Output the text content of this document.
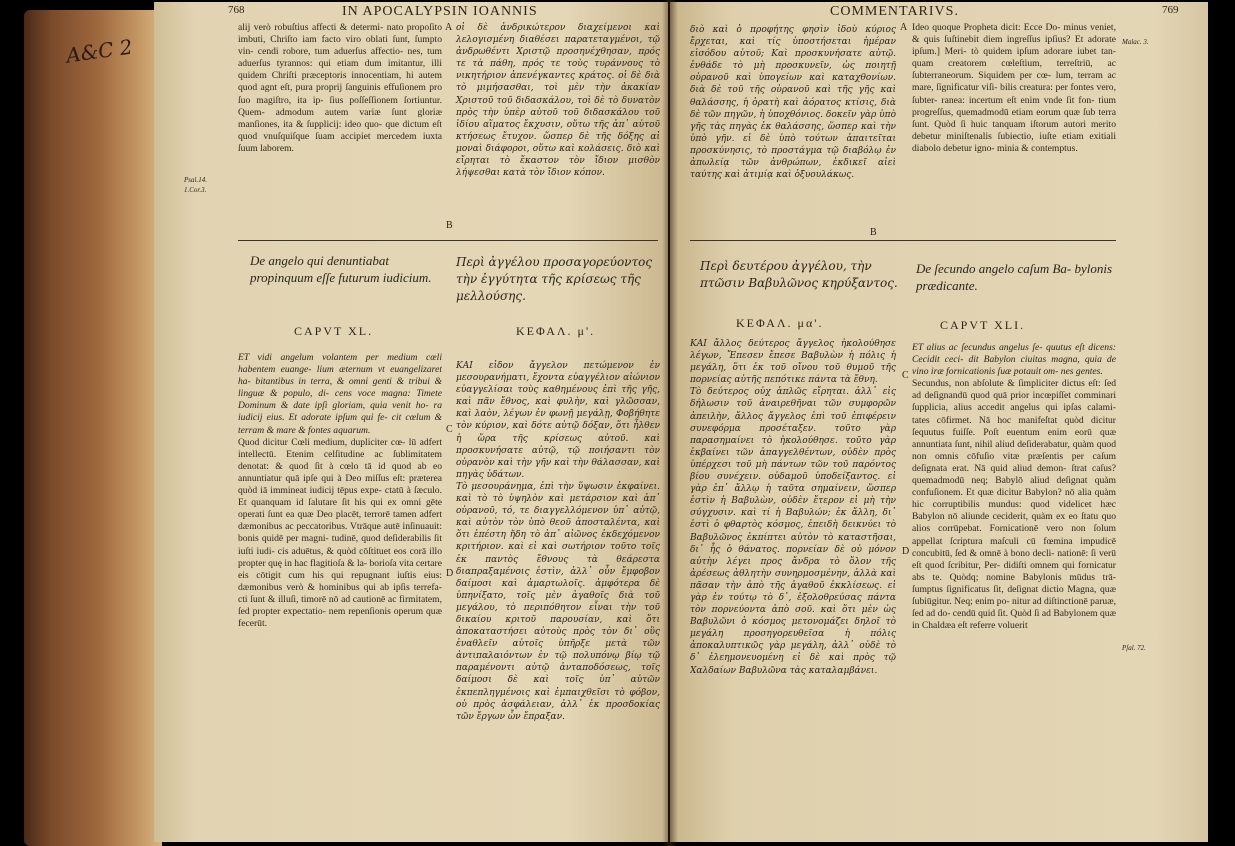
A&C 2
768	IN APOCALYPSIN IOANNIS
Psal.14.
1.Cor.3.
alij verò robuſtius affecti & determi- nato propoſito imbuti, Chriſto iam facto viro oblati ſunt, ſumpto vin- cendi robore, tum aduerſus affectio- nes, tum aduerſus tyrannos: qui etiam dum imitantur, illi quidem Chriſti præceptoris innocentiam, hi autem quod agnt eſt, pura proprij ſanguinis effuſionem pro ſuo magiſtro, ita ip- ſius poſſeſſionem ſortiuntur. Quem- admodum autem variæ ſunt gloriæ manſiones, ita & ſupplicij: ideo quo- que dictum eſt quod vnuſquiſque ſuam accipiet mercedem iuxta ſuum laborem.
A οἱ δὲ ἀνδρικώτερον διαχείμενοι καὶ λελογισμένη διαθέσει παρατεταγμένοι, τῷ ἀνδρωθέντι Χριστῷ προσηνέχθησαν, πρός τε τὰ πάθη, πρός τε τοὺς τυράννους τὸ νικητήριον ἀπενέγκαντες κράτος. οἱ δὲ διὰ τὸ μιμήσασθαι, τοὶ μὲν τὴν ἀκακίαν Χριστοῦ τοῦ διδασκάλου, τοὶ δὲ τὸ δυνατὸν πρὸς τὴν ὑπὲρ αὐτοῦ τοῦ διδασκάλου τοῦ ἰδίου αἵματος ἔκχυσιν, οὕτω τῆς ἀπ᾽ αὐτοῦ κτήσεως ἔτυχον. ὥσπερ δὲ τῆς δόξης αἱ μοναὶ διάφοροι, οὕτω καὶ κολάσεις. διὸ καὶ εἴρηται τὸ ἕκαστον τὸν ἴδιον μισθὸν λήψεσθαι κατὰ τὸν ἴδιον κόπον.
B
De angelo qui denuntiabat propinquum eſſe futurum iudicium.
Περὶ ἀγγέλου προσαγορεύοντος τὴν ἐγγύτητα τῆς κρίσεως τῆς μελλούσης.
CAPVT XL.	ΚΕΦΑΛ. μ'.
ET vidi angelum volantem per medium cœli habentem euange- lium æternum vt euangelizaret ha- bitantibus in terra, & omni genti & tribui & linguæ & populo, di- cens voce magna: Timete Dominum & date ipſi gloriam, quia venit ho- ra iudicij eius. Et adorate ipſum qui fe- cit cœlum & terram & mare & fontes aquarum.
Quod dicitur Cœli medium, dupliciter cœ- lū adfert intellectū. Etenim celſitudine ac ſublimitatem denotat: & quod ſit à cœlo tā id quod ab eo annuntiatur quā ipſe qui à Deo miſſus eſt: præterea quòd iā immineat iudicij tēpus expe- ctatū à ſæculo. Et quanquam id ſalutare ſit his qui ex omni gēte operati ſunt ea quæ Deo placēt, terrorē tamen adfert dæmonibus ac peccatoribus. Vtrāque autē inſinuauit: bonis quidē per magni- tudinē, quod deſiderabilis ſit iuſti iudi- cis aduētus, & quòd cōſtituet eos corā illo propter quę in hac flagitioſa & la- borioſa vita certare eis cōtigit cum his qui repugnant iuſtis eius: dæmonibus verò & hominibus qui ab ipſis terrefa- cti ſunt & illuſi, timorē nō ad cautionē ac firmitatem, ſed propter expectatio- nem repenſionis operum quæ fecerūt.
C
D
ΚΑΙ εἶδον ἄγγελον πετώμενον ἐν μεσουρανήματι, ἔχοντα εὐαγγέλιον αἰώνιον εὐαγγελίσαι τοὺς καθημένους ἐπὶ τῆς γῆς, καὶ πᾶν ἔθνος, καὶ φυλὴν, καὶ γλῶσσαν, καὶ λαὸν, λέγων ἐν φωνῇ μεγάλῃ, Φοβήθητε τὸν κύριον, καὶ δότε αὐτῷ δόξαν, ὅτι ἦλθεν ἡ ὥρα τῆς κρίσεως αὐτοῦ. καὶ προσκυνήσατε αὐτῷ, τῷ ποιήσαντι τὸν οὐρανὸν καὶ τὴν γῆν καὶ τὴν θάλασσαν, καὶ πηγὰς ὑδάτων.
Τὸ μεσουράνημα, ἐπὶ τὴν ὕψωσιν ἐκφαίνει. καὶ τὸ τὸ ὑψηλὸν καὶ μετάρσιον καὶ ἀπ᾽ οὐρανοῦ, τό, τε διαγγελλόμενον ὑπ᾽ αὐτῷ, καὶ αὐτὸν τὸν ὑπὸ θεοῦ ἀποσταλέντα, καὶ ὅτι ἐπέστη ἤδη τὸ ἀπ᾽ αἰῶνος ἐκδεχόμενον κριτήριον. καὶ εἰ καὶ σωτήριον τοῦτο τοῖς ἐκ παντὸς ἔθνους τὰ θεάρεστα διαπραξαμένοις ἐστὶν, ἀλλ᾽ οὖν ἔμφοβον δαίμοσι καὶ ἁμαρτωλοῖς. ἀμφότερα δὲ ὑπηνίξατο, τοῖς μὲν ἀγαθοῖς διὰ τοῦ μεγάλου, τὸ περιπόθητον εἶναι τὴν τοῦ δικαίου κριτοῦ παρουσίαν, καὶ ὅτι ἀποκαταστήσει αὐτοὺς πρὸς τὸν δι᾽ οὓς ἐναθλεῖν αὐτοῖς ὑπῆρξε μετὰ τῶν ἀντιπαλαιόντων ἐν τῷ πολυπόνῳ βίῳ τῷ παραμένοντι αὐτῷ ἀνταποδόσεως, τοῖς δαίμοσι δὲ καὶ τοῖς ὑπ᾽ αὐτῶν ἐκπεπληγμένοις καὶ ἐμπαιχθεῖσι τὸ φόβον, οὐ πρὸς ἀσφάλειαν, ἀλλ᾽ ἐκ προσδοκίας τῶν ἔργων ὧν ἔπραξαν.
COMMENTARIVS.	769
διὸ καὶ ὁ προφήτης φησὶν ἰδοὺ κύριος ἔρχεται, καὶ τίς ὑποστήσεται ἡμέραν εἰσόδου αὐτοῦ; Καὶ προσκυνήσατε αὐτῷ. ἐνθάδε τὸ μὴ προσκυνεῖν, ὡς ποιητῇ οὐρανοῦ καὶ ὑπογείων καὶ καταχθονίων. διὰ δὲ τοῦ τῆς οὐρανοῦ καὶ τῆς γῆς καὶ θαλάσσης, ἡ ὁρατὴ καὶ ἀόρατος κτίσις, διὰ δὲ τῶν πηγῶν, ἡ ὑποχθόνιος. δοκεῖν γὰρ ὑπὸ γῆς τὰς πηγὰς ἐκ θαλάσσης, ὥσπερ καὶ τὴν ὑπὸ γῆν. εἰ δὲ ὑπὸ τούτων ἀπαιτεῖται προσκύνησις, τὸ προστάγμα τῷ διαβόλῳ ἐν ἀπωλείᾳ τῶν ἀνθρώπων, ἐκδικεῖ αἰεὶ ταύτης καὶ ἀτιμίᾳ καὶ ὀξυουλάκως.
A Ideo quoque Propheta dicit: Ecce Do- minus veniet, & quis ſuſtinebit diem ingreſſus ipſius? Et adorate ipſum.] Meri- tò quidem ipſum adorare iubet tan- quam creatorem cœleſtium, terreſtriū, ac ſubterraneorum. Siquidem per cœ- lum, terram ac mare, ſignificatur viſi- bilis creatura: per fontes vero, ſubter- ranea: incertum eſt enim vnde ſit fon- tium progreſſus, quemadmodū etiam eorum quæ ſub terra ſunt. Quòd ſi huic tanquam iſtorum autori merito debetur miniſtenalis ſubiectio, iuſte etiam exitiali diabolo debetur igno- minia & contemptus.
Malac. 3.
B
Περὶ δευτέρου ἀγγέλου, τὴν πτῶσιν Βαβυλῶνος κηρύξαντος.
De ſecundo angelo caſum Ba- bylonis prædicante.
ΚΕΦΑΛ. μα'.	CAPVT XLI.
ΚΑΙ ἄλλος δεύτερος ἄγγελος ἠκολούθησε λέγων, Ἔπεσεν ἔπεσε Βαβυλὼν ἡ πόλις ἡ μεγάλη, ὅτι ἐκ τοῦ οἴνου τοῦ θυμοῦ τῆς πορνείας αὐτῆς πεπότικε πάντα τὰ ἔθνη.
Τὸ δεύτερος οὐχ ἁπλῶς εἴρηται. ἀλλ᾽ εἰς δήλωσιν τοῦ ἀναιρεθῆναι τῶν συμφορῶν ἀπειλὴν, ἄλλος ἄγγελος ἐπὶ τοῦ ἐπιφέρειν συνεφόρμα προσέταξεν. τοῦτο γὰρ παρασημαίνει τὸ ἠκολούθησε. τοῦτο γὰρ ἐκβαίνει τῶν ἀπαγγελθέντων, οὐδὲν πρὸς ὑπέρχεσι τοῦ μὴ πάντων τῶν τοῦ παρόντος βίου συνέχειν. οὐδαμοῦ ὑποδείξαντος. εἰ γὰρ ἐπ᾽ ἄλλῳ ἡ ταῦτα σημαίνειν, ὥσπερ ἐστὶν ἡ Βαβυλὼν, οὐδὲν ἕτερον εἰ μὴ τὴν σύγχυσιν. καὶ τί ἡ Βαβυλών; ἐκ ἄλλη, δι᾽ ἐστὶ ὁ φθαρτὸς κόσμος, ἐπειδὴ δεικνύει τὸ Βαβυλῶνος ἐκπίπτει αὐτὸν τὸ καταστῆσαι, δι᾽ ἧς ὁ θάνατος. πορνείαν δὲ οὐ μόνον αὐτὴν λέγει προς ἄνδρα τὸ ὅλον τῆς ἀρέσεως ἀθλητὴν συνηρμοσμένην, ἀλλὰ καὶ πᾶσαν τὴν ἀπὸ τῆς ἀγαθοῦ ἐκκλίσεως. εἰ γὰρ ἐν τούτῳ τὸ δ᾽, ἐξολοθρεύσας πάντα τὸν πορνεύοντα ἀπὸ σοῦ. καὶ ὅτι μὲν ὡς Βαβυλῶνι ὁ κόσμος μετονομάζει δηλοῖ τὸ μεγάλη προσηγορευθεῖσα ἡ πόλις ἀποκαλυπτικῶς γὰρ μεγάλη, ἀλλ᾽ οὐδὲ τὸ δ᾽ ἐλεημονευομένη εἰ δὲ καὶ πρὸς τῷ Χαλδαίων Βαβυλῶνα τὰς καταλαμβάνει.
C
D
ET alius ac ſecundus angelus ſe- quutus eſt dicens: Cecidit ceci- dit Babylon ciuitas magna, quia de vino iræ fornicationis ſuæ potauit om- nes gentes.
Secundus, non abſolute & ſimpliciter dictus eſt: ſed ad deſignandū quod quā prior incœpiſſet comminari ſupplicia, alius accedit angelus qui ipſas calami- tates cōfirmet. Nā hoc manifeſtat quòd dicitur ſequutus fuiſſe. Poſt euentum enim eorū quæ annuntiata ſunt, nihil aliud deſiderabatur, quàm quod non omnis cōfuſio vitæ præſentis per caſum deſignata erat. Nā quid aliud demon- ſtrat caſus? quemadmodū neq; Babylō aliud deſignat quàm confuſionem. Et quæ dicitur Babylon? nō alia quàm hic corruptibilis mundus: quod videlicet hæc Babylon nō aliunde ceciderit, quàm ex eo ſtatu quo alios corrūpebat. Fornicationē vero non ſolum appellat ſcriptura maſculi cū fœmina impudicē concubitū, ſed & omnē à bono decli- nationē: ſi verū eſt quod ſcribitur, Per- didiſti omnem qui fornicatur abs te. Quòdq; nomine Babylonis mūdus trā- ſumptus ſignificatus ſit, deſignat dictio Magna, quæ ſubiūgitur. Neq; enim po- nitur ad diſtinctionē paruæ, ſed ad do- cendū quid ſit. Quòd ſi ad Babylonem quæ in Chaldæa eſt referre voluerit
Pſal. 72.
